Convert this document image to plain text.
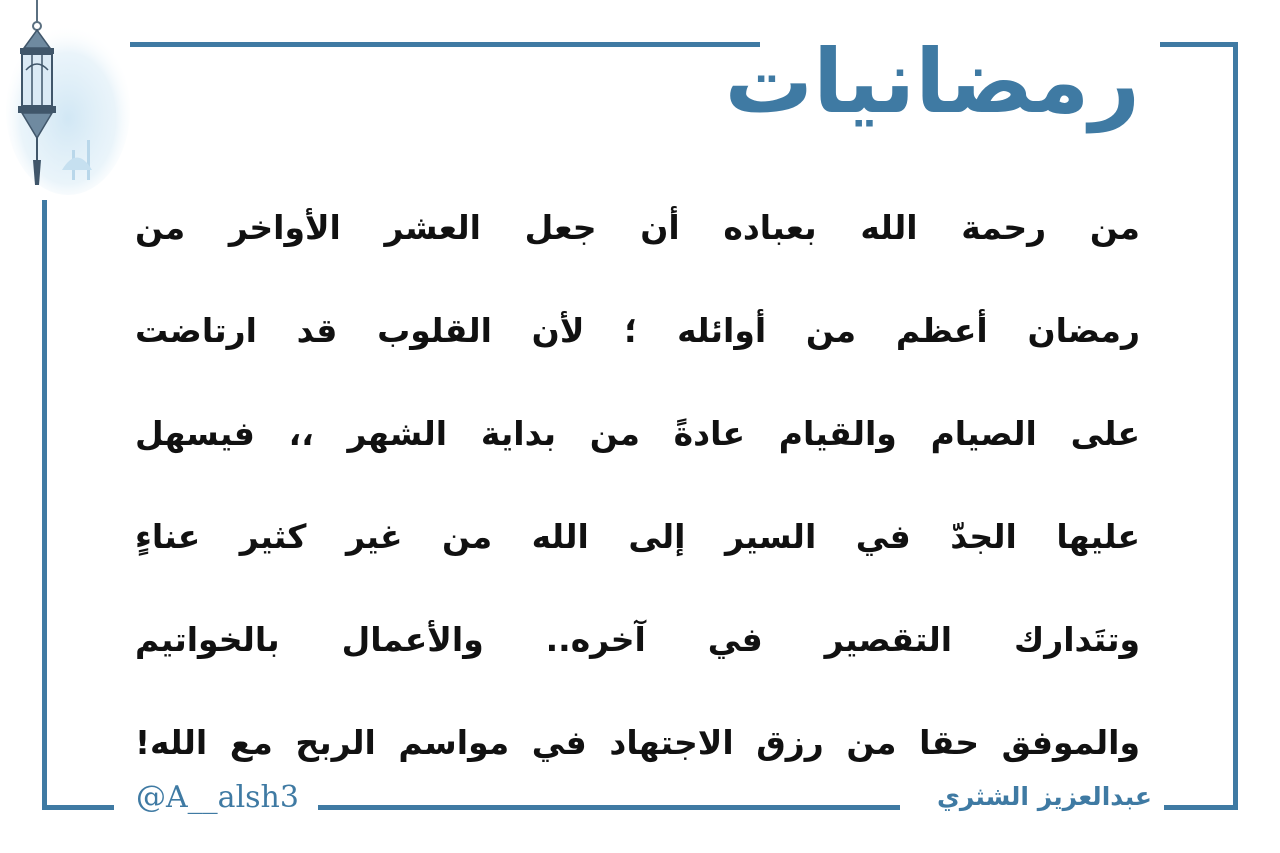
رمضانيات
من رحمة الله بعباده أن جعل العشر الأواخر من
رمضان أعظم من أوائله ؛ لأن القلوب قد ارتاضت
على الصيام والقيام عادةً من بداية الشهر ،، فيسهل
عليها الجدّ في السير إلى الله من غير كثير عناءٍ
وتتَدارك التقصير في آخره.. والأعمال بالخواتيم
والموفق حقا من رزق الاجتهاد في مواسم الربح مع الله!
@A__alsh3	عبدالعزيز الشثري
